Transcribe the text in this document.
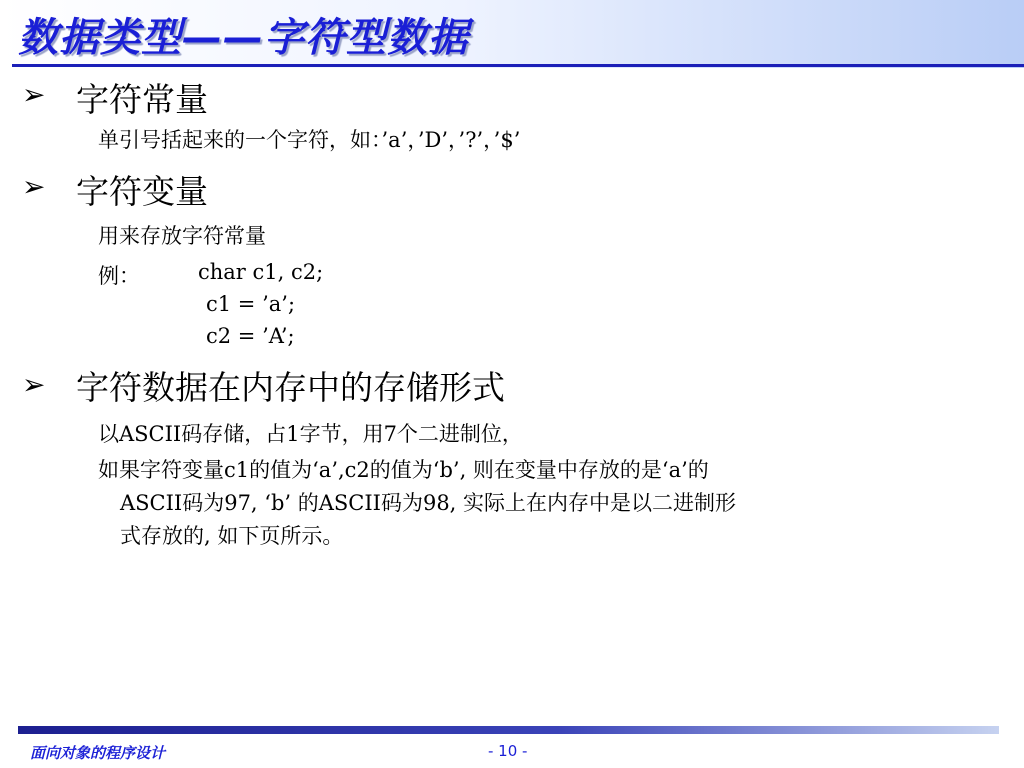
数据类型——字符型数据
➢ 字符常量
单引号括起来的一个字符，如：’a’，’D’，’?’，’$’
➢ 字符变量
用来存放字符常量
例：	char c1, c2;
c1 = ’a’;
c2 = ’A’;
➢ 字符数据在内存中的存储形式
以ASCII码存储，占1字节，用7个二进制位，
如果字符变量c1的值为‘a’,c2的值为‘b’, 则在变量中存放的是‘a’的
ASCII码为97, ‘b’ 的ASCII码为98, 实际上在内存中是以二进制形
式存放的, 如下页所示。
面向对象的程序设计	- 10 -
